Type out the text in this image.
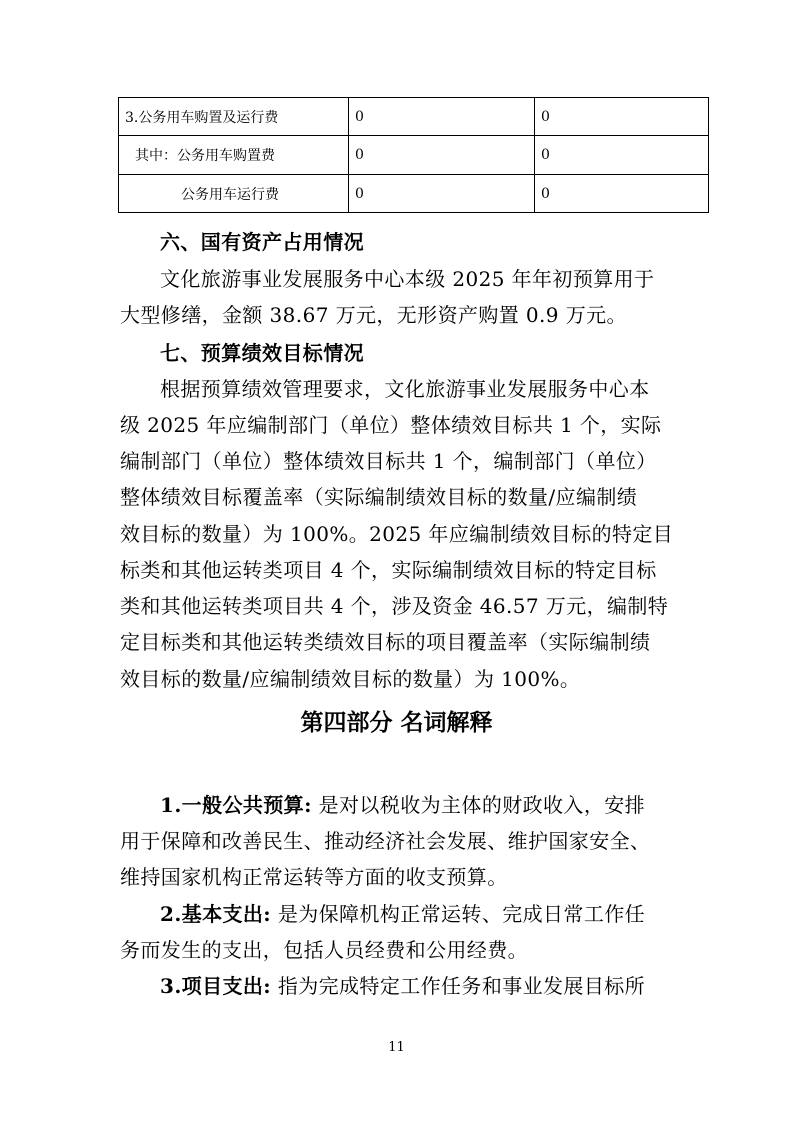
3.公务用车购置及运行费	0	0
其中：公务用车购置费	0	0
公务用车运行费	0	0
六、国有资产占用情况
文化旅游事业发展服务中心本级 2025 年年初预算用于
大型修缮，金额 38.67 万元，无形资产购置 0.9 万元。
七、预算绩效目标情况
根据预算绩效管理要求，文化旅游事业发展服务中心本
级 2025 年应编制部门（单位）整体绩效目标共 1 个，实际
编制部门（单位）整体绩效目标共 1 个，编制部门（单位）
整体绩效目标覆盖率（实际编制绩效目标的数量/应编制绩
效目标的数量）为 100%。2025 年应编制绩效目标的特定目
标类和其他运转类项目 4 个，实际编制绩效目标的特定目标
类和其他运转类项目共 4 个，涉及资金 46.57 万元，编制特
定目标类和其他运转类绩效目标的项目覆盖率（实际编制绩
效目标的数量/应编制绩效目标的数量）为 100%。
第四部分 名词解释
1.一般公共预算: 是对以税收为主体的财政收入，安排
用于保障和改善民生、推动经济社会发展、维护国家安全、
维持国家机构正常运转等方面的收支预算。
2.基本支出: 是为保障机构正常运转、完成日常工作任
务而发生的支出，包括人员经费和公用经费。
3.项目支出: 指为完成特定工作任务和事业发展目标所
11
